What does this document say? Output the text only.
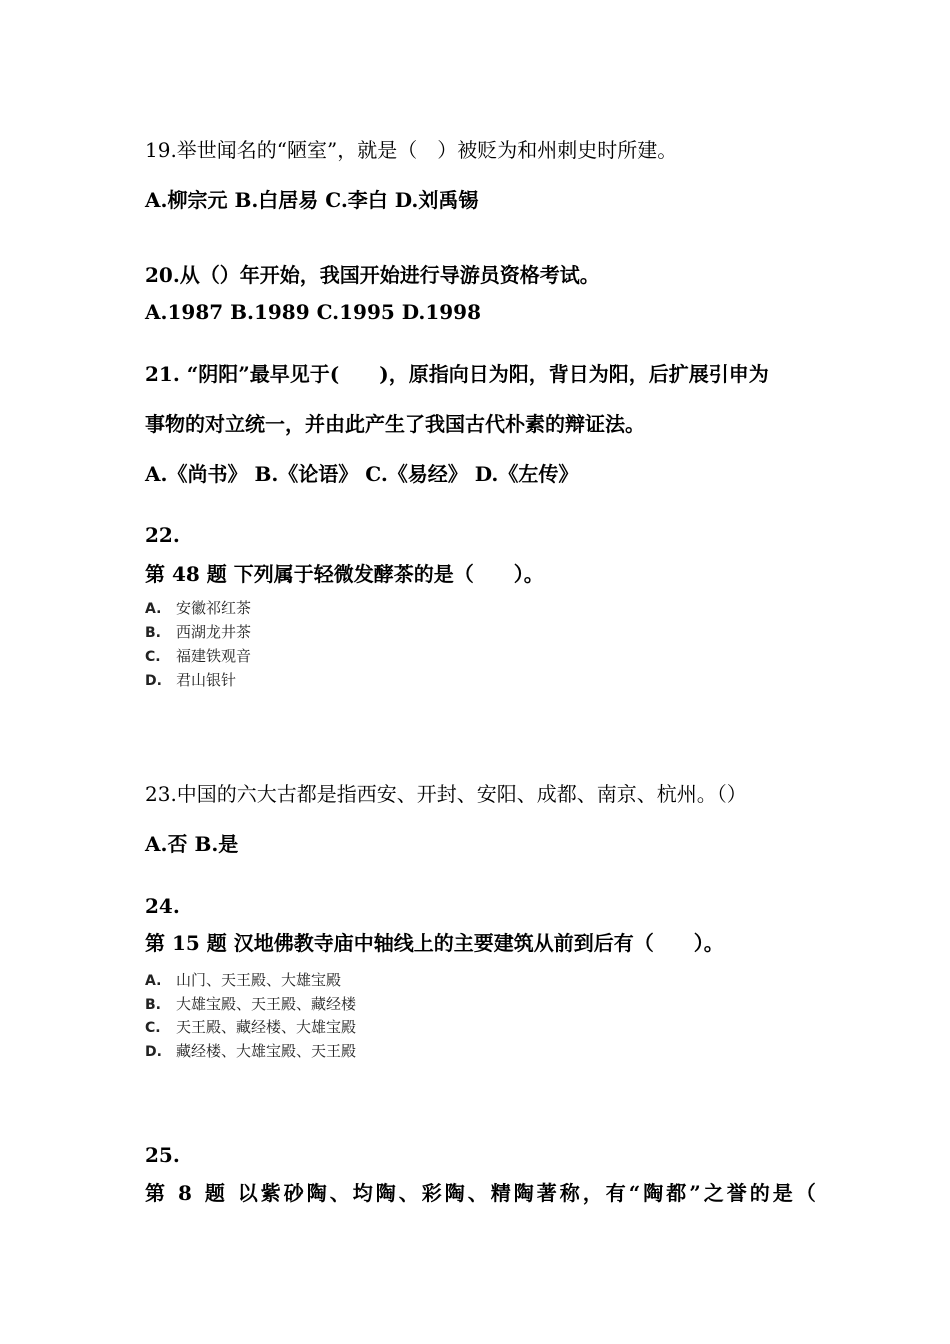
19.举世闻名的“陋室”，就是（　）被贬为和州刺史时所建。
A.柳宗元 B.白居易 C.李白 D.刘禹锡
20.从（）年开始，我国开始进行导游员资格考试。
A.1987 B.1989 C.1995 D.1998
21. “阴阳”最早见于(　　)，原指向日为阳，背日为阳，后扩展引申为
事物的对立统一，并由此产生了我国古代朴素的辩证法。
A.《尚书》 B.《论语》 C.《易经》 D.《左传》
22.
第 48 题 下列属于轻微发酵茶的是（　　）。
A. 安徽祁红茶
B. 西湖龙井茶
C. 福建铁观音
D. 君山银针
23.中国的六大古都是指西安、开封、安阳、成都、南京、杭州。（）
A.否 B.是
24.
第 15 题 汉地佛教寺庙中轴线上的主要建筑从前到后有（　　）。
A. 山门、天王殿、大雄宝殿
B. 大雄宝殿、天王殿、藏经楼
C. 天王殿、藏经楼、大雄宝殿
D. 藏经楼、大雄宝殿、天王殿
25.
第 8 题 以紫砂陶、均陶、彩陶、精陶著称，有“陶都”之誉的是（
